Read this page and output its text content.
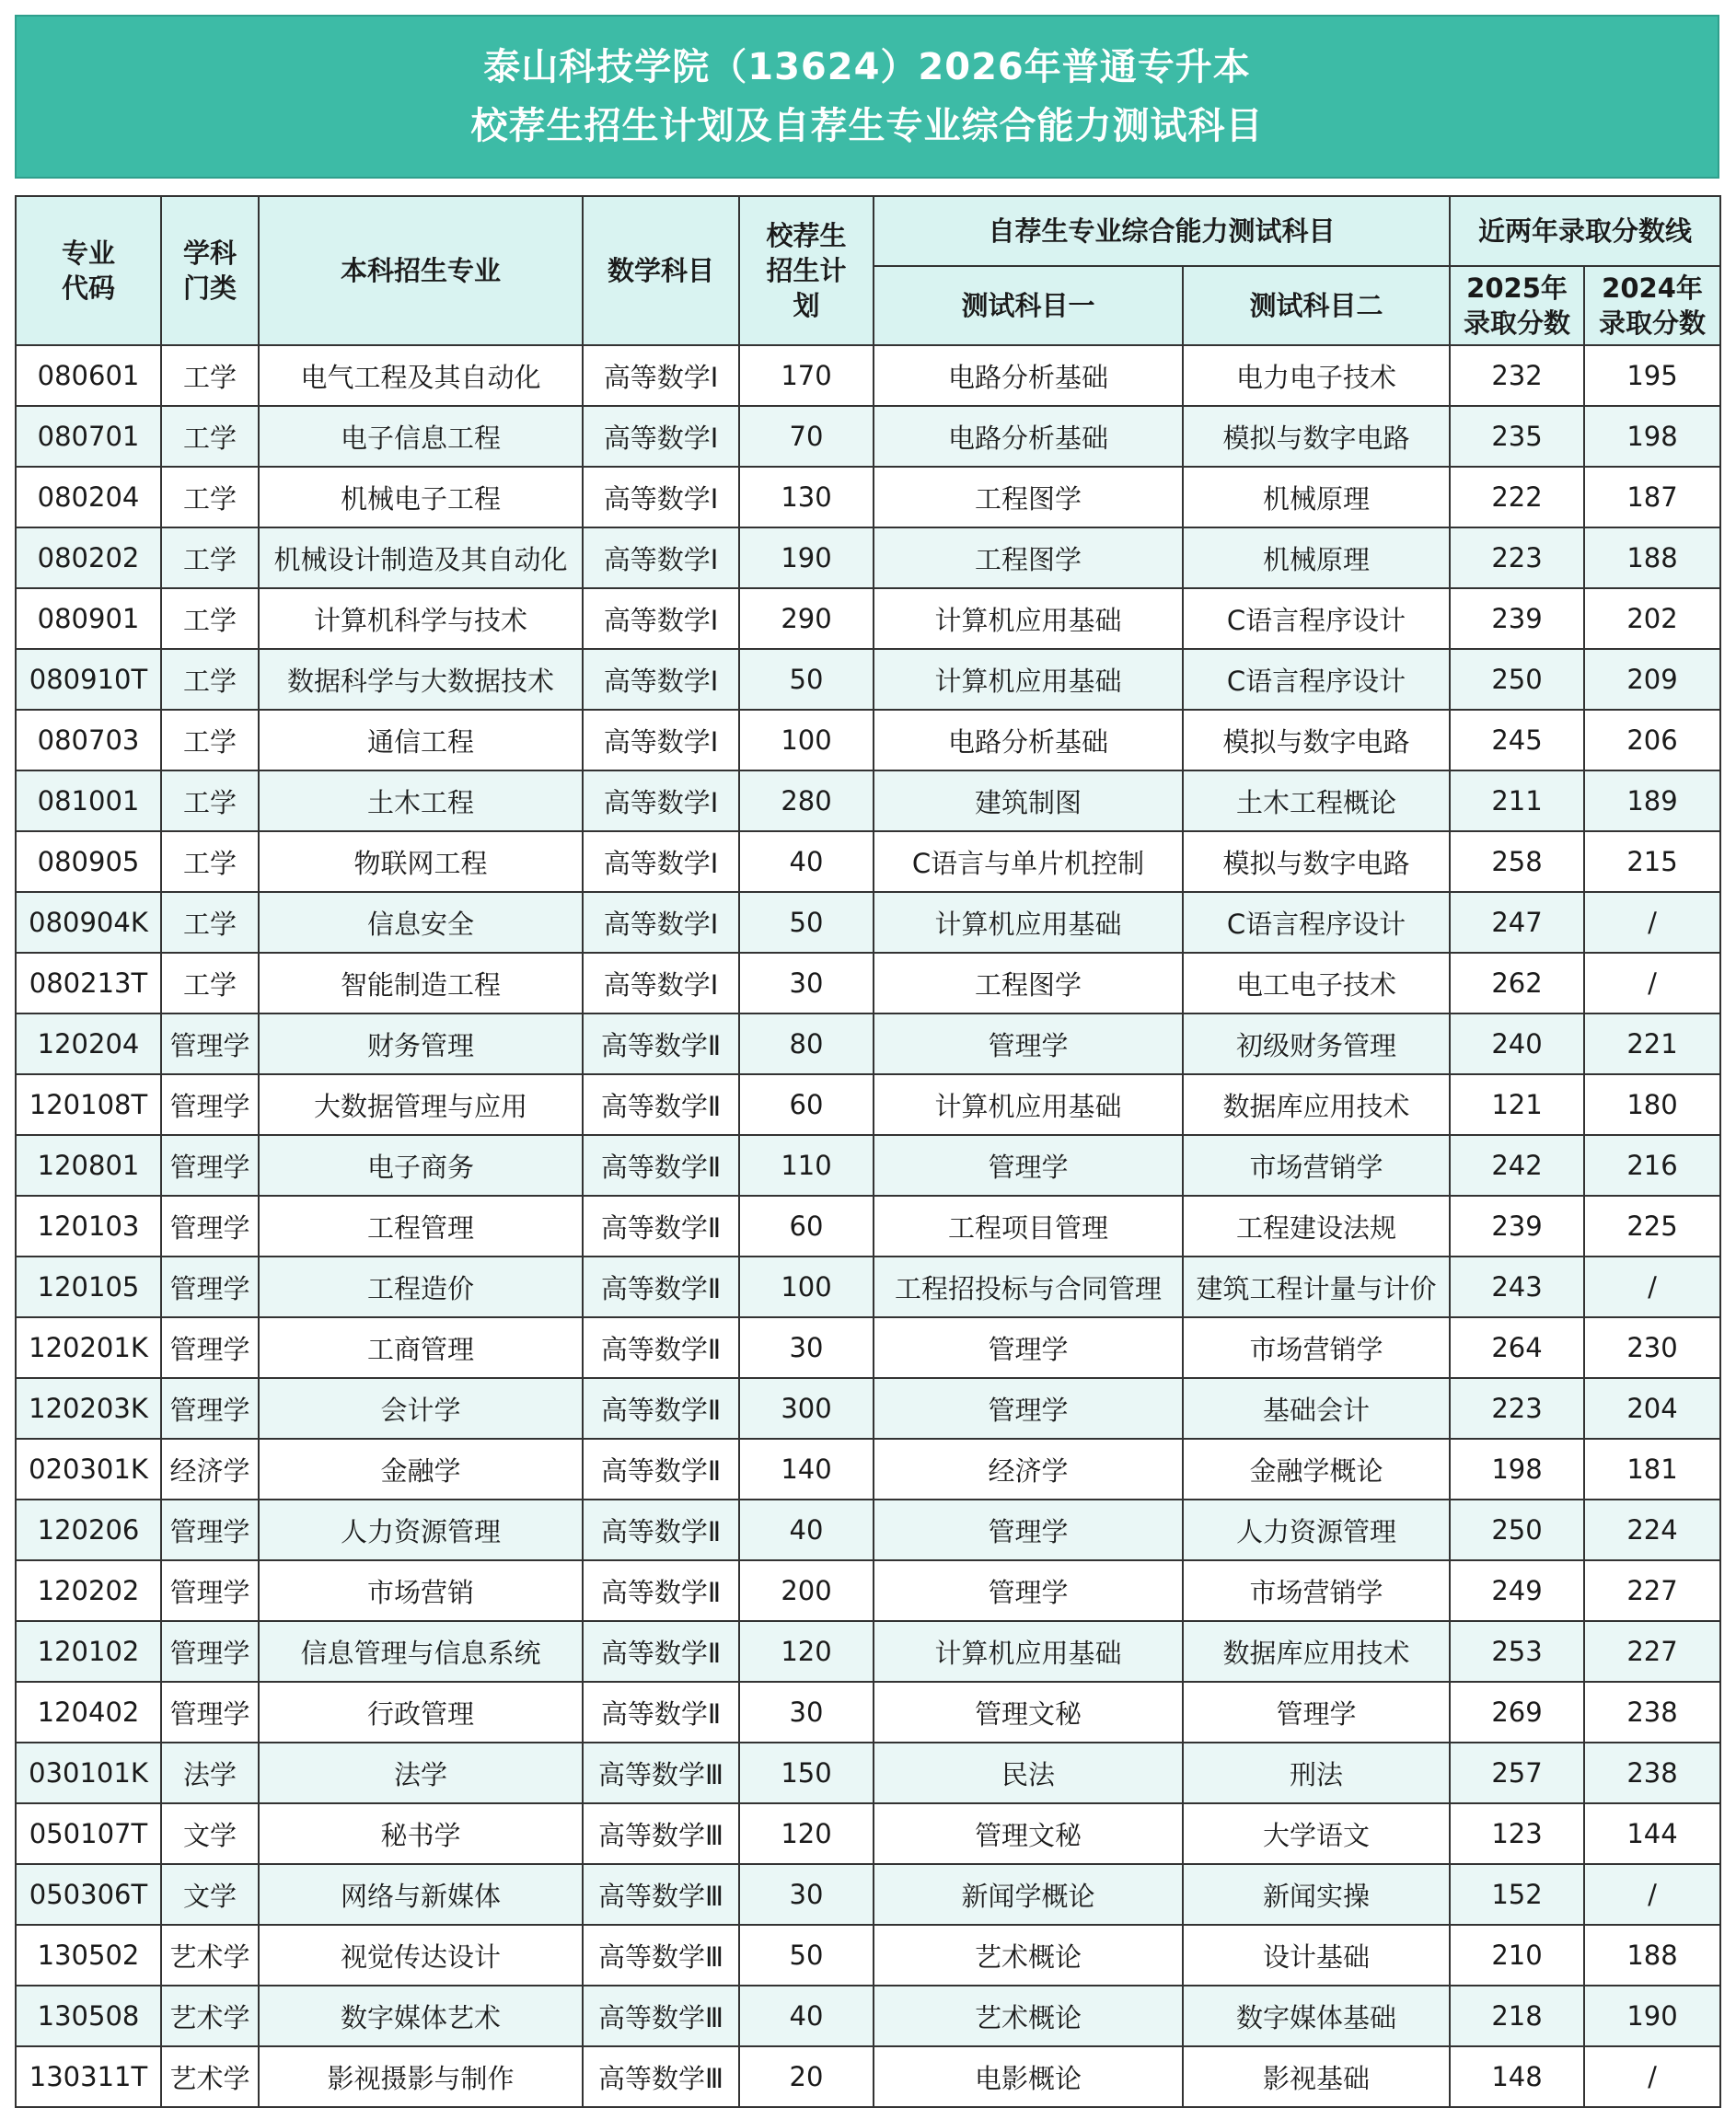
泰山科技学院（13624）2026年普通专升本
校荐生招生计划及自荐生专业综合能力测试科目
专业代码	学科门类	本科招生专业	数学科目	校荐生招生计划	自荐生专业综合能力测试科目		近两年录取分数线	
					测试科目一	测试科目二	2025年录取分数	2024年录取分数
080601	工学	电气工程及其自动化	高等数学Ⅰ	170	电路分析基础	电力电子技术	232	195
080701	工学	电子信息工程	高等数学Ⅰ	70	电路分析基础	模拟与数字电路	235	198
080204	工学	机械电子工程	高等数学Ⅰ	130	工程图学	机械原理	222	187
080202	工学	机械设计制造及其自动化	高等数学Ⅰ	190	工程图学	机械原理	223	188
080901	工学	计算机科学与技术	高等数学Ⅰ	290	计算机应用基础	C语言程序设计	239	202
080910T	工学	数据科学与大数据技术	高等数学Ⅰ	50	计算机应用基础	C语言程序设计	250	209
080703	工学	通信工程	高等数学Ⅰ	100	电路分析基础	模拟与数字电路	245	206
081001	工学	土木工程	高等数学Ⅰ	280	建筑制图	土木工程概论	211	189
080905	工学	物联网工程	高等数学Ⅰ	40	C语言与单片机控制	模拟与数字电路	258	215
080904K	工学	信息安全	高等数学Ⅰ	50	计算机应用基础	C语言程序设计	247	/
080213T	工学	智能制造工程	高等数学Ⅰ	30	工程图学	电工电子技术	262	/
120204	管理学	财务管理	高等数学Ⅱ	80	管理学	初级财务管理	240	221
120108T	管理学	大数据管理与应用	高等数学Ⅱ	60	计算机应用基础	数据库应用技术	121	180
120801	管理学	电子商务	高等数学Ⅱ	110	管理学	市场营销学	242	216
120103	管理学	工程管理	高等数学Ⅱ	60	工程项目管理	工程建设法规	239	225
120105	管理学	工程造价	高等数学Ⅱ	100	工程招投标与合同管理	建筑工程计量与计价	243	/
120201K	管理学	工商管理	高等数学Ⅱ	30	管理学	市场营销学	264	230
120203K	管理学	会计学	高等数学Ⅱ	300	管理学	基础会计	223	204
020301K	经济学	金融学	高等数学Ⅱ	140	经济学	金融学概论	198	181
120206	管理学	人力资源管理	高等数学Ⅱ	40	管理学	人力资源管理	250	224
120202	管理学	市场营销	高等数学Ⅱ	200	管理学	市场营销学	249	227
120102	管理学	信息管理与信息系统	高等数学Ⅱ	120	计算机应用基础	数据库应用技术	253	227
120402	管理学	行政管理	高等数学Ⅱ	30	管理文秘	管理学	269	238
030101K	法学	法学	高等数学Ⅲ	150	民法	刑法	257	238
050107T	文学	秘书学	高等数学Ⅲ	120	管理文秘	大学语文	123	144
050306T	文学	网络与新媒体	高等数学Ⅲ	30	新闻学概论	新闻实操	152	/
130502	艺术学	视觉传达设计	高等数学Ⅲ	50	艺术概论	设计基础	210	188
130508	艺术学	数字媒体艺术	高等数学Ⅲ	40	艺术概论	数字媒体基础	218	190
130311T	艺术学	影视摄影与制作	高等数学Ⅲ	20	电影概论	影视基础	148	/
